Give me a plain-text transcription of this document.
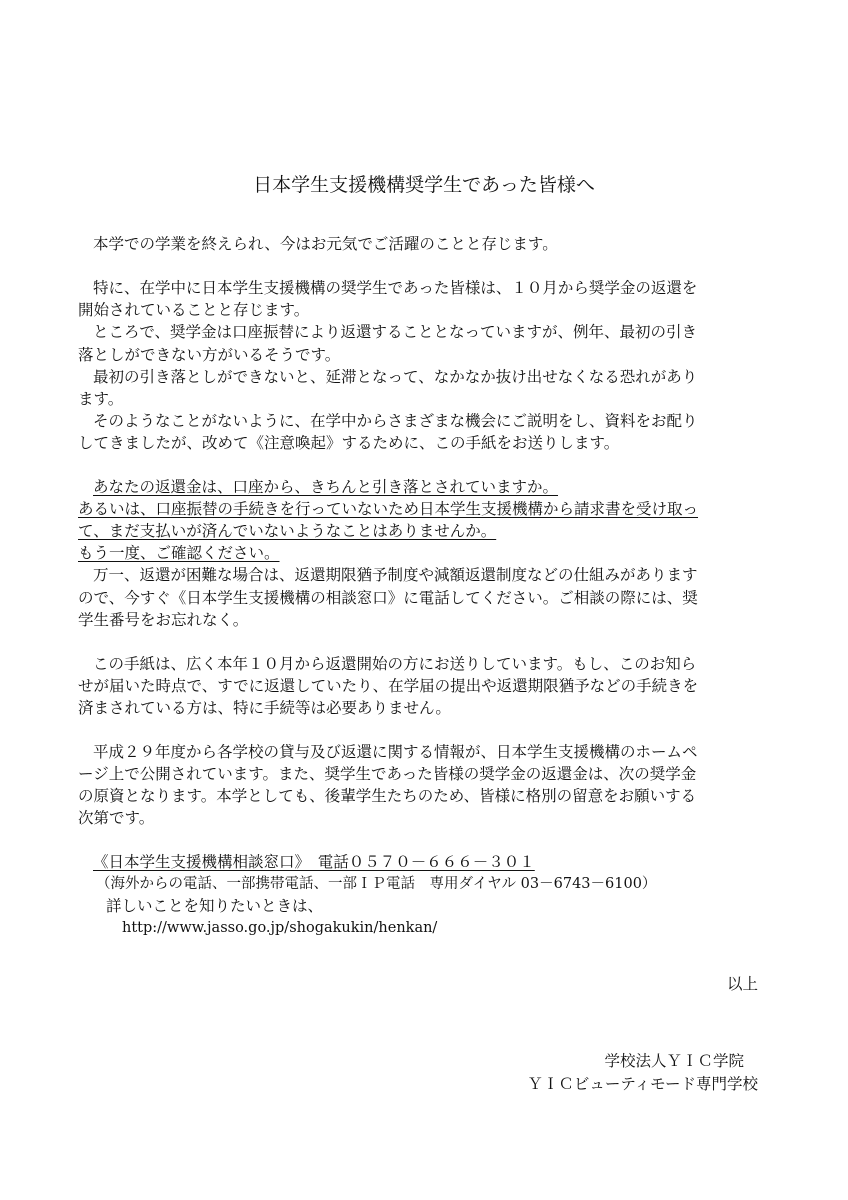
日本学生支援機構奨学生であった皆様へ
本学での学業を終えられ、今はお元気でご活躍のことと存じます。
特に、在学中に日本学生支援機構の奨学生であった皆様は、１０月から奨学金の返還を
開始されていることと存じます。
ところで、奨学金は口座振替により返還することとなっていますが、例年、最初の引き
落としができない方がいるそうです。
最初の引き落としができないと、延滞となって、なかなか抜け出せなくなる恐れがあり
ます。
そのようなことがないように、在学中からさまざまな機会にご説明をし、資料をお配り
してきましたが、改めて《注意喚起》するために、この手紙をお送りします。
あなたの返還金は、口座から、きちんと引き落とされていますか。
あるいは、口座振替の手続きを行っていないため日本学生支援機構から請求書を受け取っ
て、まだ支払いが済んでいないようなことはありませんか。
もう一度、ご確認ください。
万一、返還が困難な場合は、返還期限猶予制度や減額返還制度などの仕組みがあります
ので、今すぐ《日本学生支援機構の相談窓口》に電話してください。ご相談の際には、奨
学生番号をお忘れなく。
この手紙は、広く本年１０月から返還開始の方にお送りしています。もし、このお知ら
せが届いた時点で、すでに返還していたり、在学届の提出や返還期限猶予などの手続きを
済まされている方は、特に手続等は必要ありません。
平成２９年度から各学校の貸与及び返還に関する情報が、日本学生支援機構のホームペ
ージ上で公開されています。また、奨学生であった皆様の奨学金の返還金は、次の奨学金
の原資となります。本学としても、後輩学生たちのため、皆様に格別の留意をお願いする
次第です。
《日本学生支援機構相談窓口》　電話０５７０－６６６－３０１
（海外からの電話、一部携帯電話、一部ＩＰ電話　専用ダイヤル 03－6743－6100）
詳しいことを知りたいときは、
http://www.jasso.go.jp/shogakukin/henkan/
以上
学校法人ＹＩＣ学院
ＹＩＣビューティモード専門学校
